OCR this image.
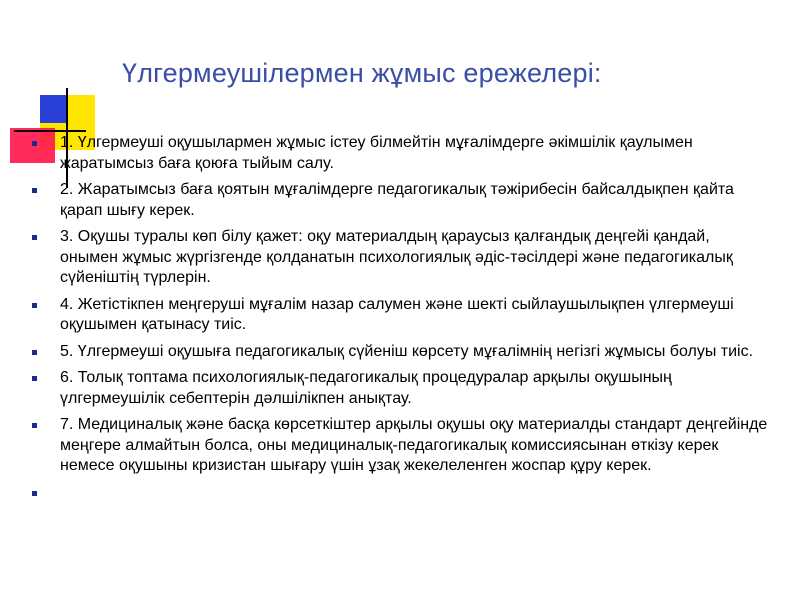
Үлгермеушілермен жұмыс ережелері:
1. Үлгермеуші оқушылармен жұмыс істеу білмейтін мұғалімдерге әкімшілік қаулымен жаратымсыз баға қоюға тыйым салу.
2. Жаратымсыз баға қоятын мұғалімдерге педагогикалық тәжірибесін байсалдықпен қайта қарап шығу керек.
3. Оқушы туралы көп білу қажет: оқу материалдың қараусыз қалғандық деңгейі қандай, онымен жұмыс жүргізгенде қолданатын психологиялық әдіс-тәсілдері және педагогикалық сүйеніштің түрлерін.
4. Жетістікпен меңгеруші мұғалім назар салумен және шекті сыйлаушылықпен үлгермеуші оқушымен қатынасу тиіс.
5. Үлгермеуші оқушыға педагогикалық сүйеніш көрсету мұғалімнің негізгі жұмысы болуы тиіс.
6. Толық топтама психологиялық-педагогикалық процедуралар арқылы оқушының үлгермеушілік себептерін дәлшілікпен анықтау.
7. Медициналық және басқа көрсеткіштер арқылы оқушы оқу материалды стандарт деңгейінде меңгере алмайтын болса, оны медициналық-педагогикалық комиссиясынан өткізу керек немесе оқушыны кризистан шығару үшін ұзақ жекелеленген жоспар құру керек.
